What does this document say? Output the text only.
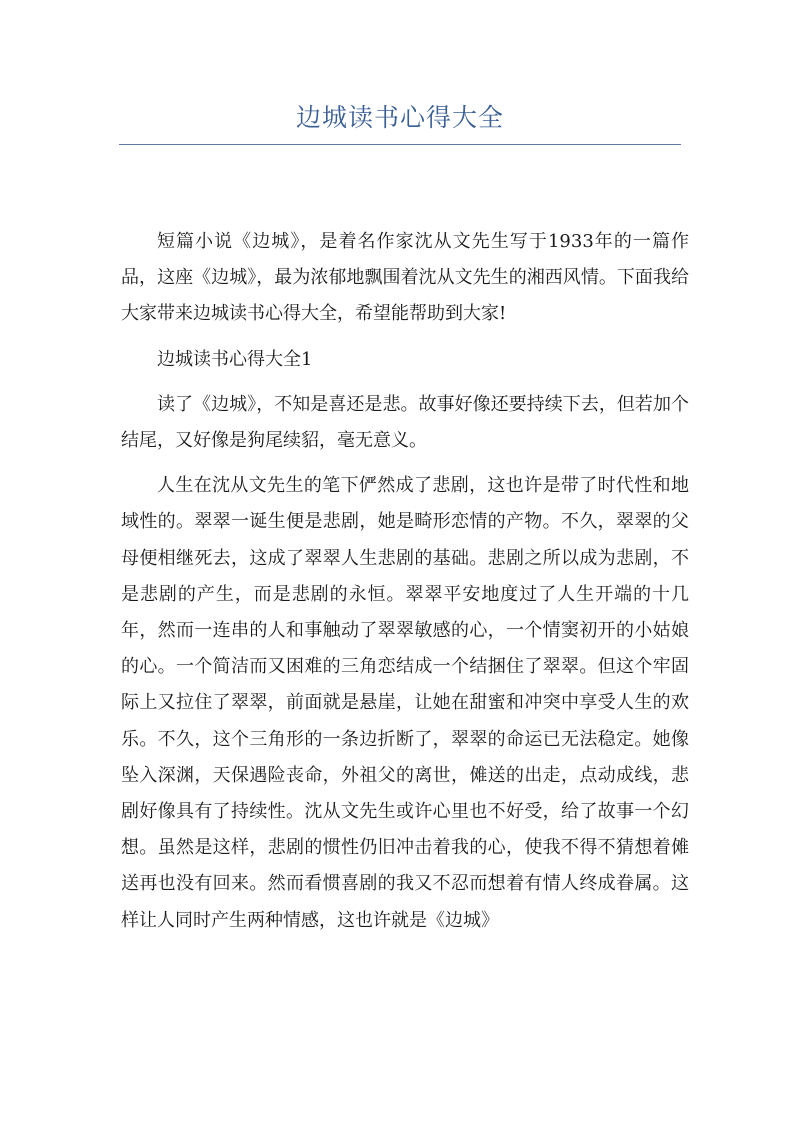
边城读书心得大全

短篇小说《边城》，是着名作家沈从文先生写于1933年的一篇作品，这座《边城》，最为浓郁地飘围着沈从文先生的湘西风情。下面我给大家带来边城读书心得大全，希望能帮助到大家!

边城读书心得大全1

读了《边城》，不知是喜还是悲。故事好像还要持续下去，但若加个结尾，又好像是狗尾续貂，毫无意义。

人生在沈从文先生的笔下俨然成了悲剧，这也许是带了时代性和地域性的。翠翠一诞生便是悲剧，她是畸形恋情的产物。不久，翠翠的父母便相继死去，这成了翠翠人生悲剧的基础。悲剧之所以成为悲剧，不是悲剧的产生，而是悲剧的永恒。翠翠平安地度过了人生开端的十几年，然而一连串的人和事触动了翠翠敏感的心，一个情窦初开的小姑娘的心。一个简洁而又困难的三角恋结成一个结捆住了翠翠。但这个牢固际上又拉住了翠翠，前面就是悬崖，让她在甜蜜和冲突中享受人生的欢乐。不久，这个三角形的一条边折断了，翠翠的命运已无法稳定。她像坠入深渊，天保遇险丧命，外祖父的离世，傩送的出走，点动成线，悲剧好像具有了持续性。沈从文先生或许心里也不好受，给了故事一个幻想。虽然是这样，悲剧的惯性仍旧冲击着我的心，使我不得不猜想着傩送再也没有回来。然而看惯喜剧的我又不忍而想着有情人终成眷属。这样让人同时产生两种情感，这也许就是《边城》
